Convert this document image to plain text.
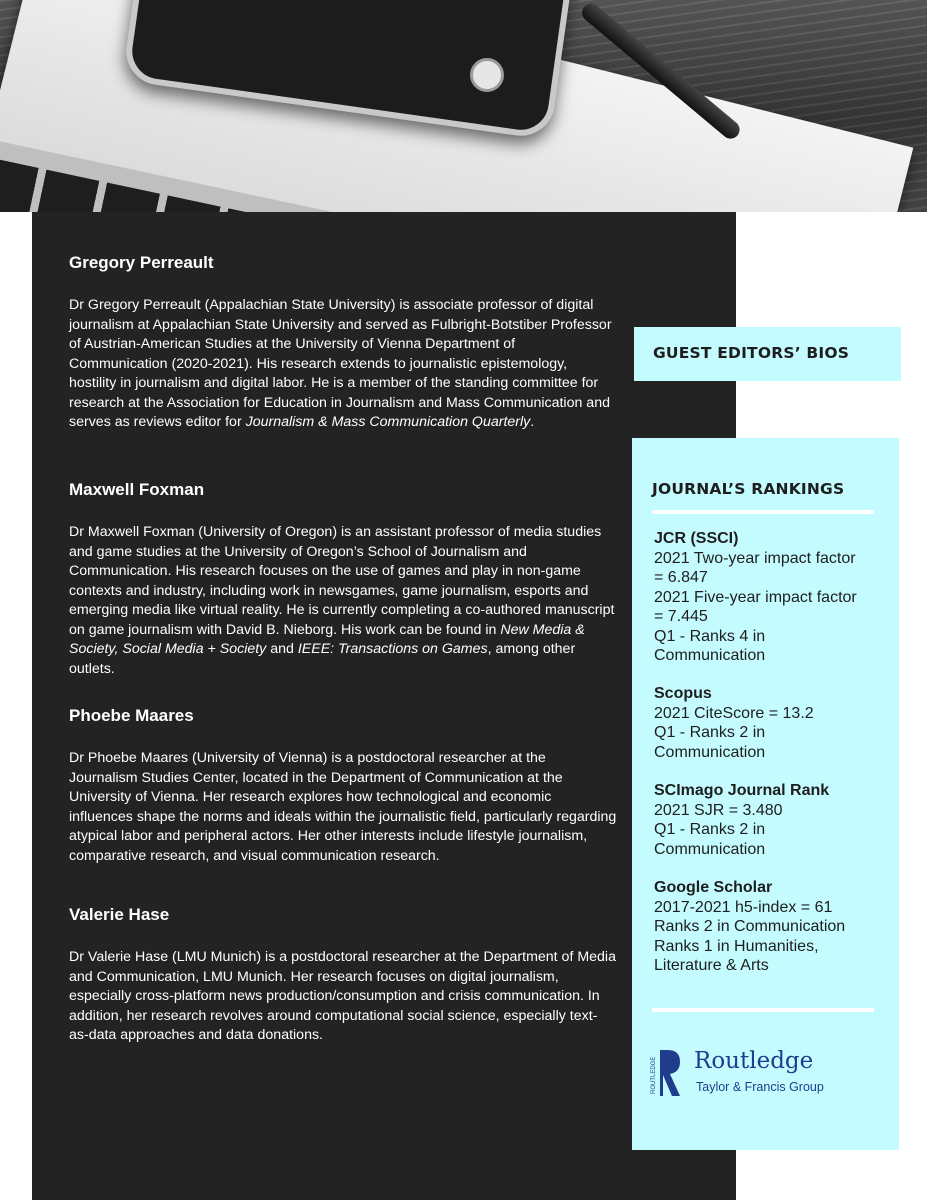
Gregory Perreault

Dr Gregory Perreault (Appalachian State University) is associate professor of digital journalism at Appalachian State University and served as Fulbright-Botstiber Professor of Austrian-American Studies at the University of Vienna Department of Communication (2020-2021). His research extends to journalistic epistemology, hostility in journalism and digital labor. He is a member of the standing committee for research at the Association for Education in Journalism and Mass Communication and serves as reviews editor for Journalism & Mass Communication Quarterly.

Maxwell Foxman

Dr Maxwell Foxman (University of Oregon) is an assistant professor of media studies and game studies at the University of Oregon’s School of Journalism and Communication. His research focuses on the use of games and play in non-game contexts and industry, including work in newsgames, game journalism, esports and emerging media like virtual reality. He is currently completing a co-authored manuscript on game journalism with David B. Nieborg. His work can be found in New Media & Society, Social Media + Society and IEEE: Transactions on Games, among other outlets.

Phoebe Maares

Dr Phoebe Maares (University of Vienna) is a postdoctoral researcher at the Journalism Studies Center, located in the Department of Communication at the University of Vienna. Her research explores how technological and economic influences shape the norms and ideals within the journalistic field, particularly regarding atypical labor and peripheral actors. Her other interests include lifestyle journalism, comparative research, and visual communication research.

Valerie Hase

Dr Valerie Hase (LMU Munich) is a postdoctoral researcher at the Department of Media and Communication, LMU Munich. Her research focuses on digital journalism, especially cross-platform news production/consumption and crisis communication. In addition, her research revolves around computational social science, especially text-as-data approaches and data donations.

GUEST EDITORS’ BIOS
JOURNAL’S RANKINGS
JCR (SSCI)
2021 Two-year impact factor
= 6.847
2021 Five-year impact factor
= 7.445
Q1 - Ranks 4 in
Communication
Scopus
2021 CiteScore = 13.2
Q1 - Ranks 2 in
Communication
SCImago Journal Rank
2021 SJR = 3.480
Q1 - Ranks 2 in
Communication
Google Scholar
2017-2021 h5-index = 61
Ranks 2 in Communication
Ranks 1 in Humanities,
Literature & Arts
ROUTLEDGE Routledge
Taylor & Francis Group
